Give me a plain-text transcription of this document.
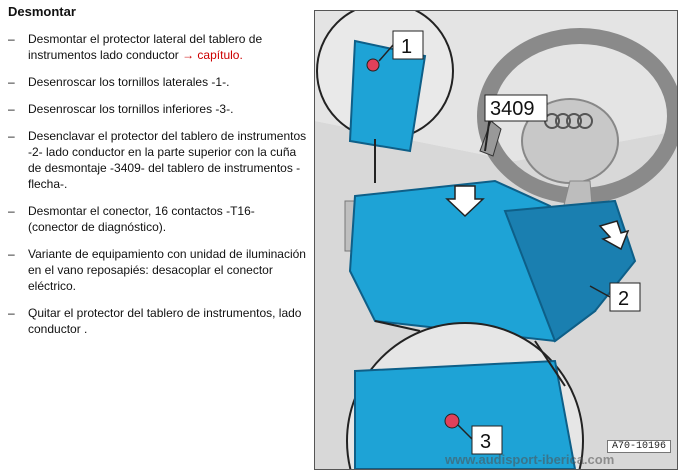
Desmontar
– Desmontar el protector lateral del tablero de instrumentos lado conductor → capítulo.
– Desenroscar los tornillos laterales -1-.
– Desenroscar los tornillos inferiores -3-.
– Desenclavar el protector del tablero de instrumentos -2- lado conductor en la parte superior con la cuña de desmontaje -3409- del tablero de instrumentos -flecha-.
– Desmontar el conector, 16 contactos -T16- (conector de diagnóstico).
– Variante de equipamiento con unidad de iluminación en el vano reposapiés: desacoplar el conector eléctrico.
– Quitar el protector del tablero de instrumentos, lado conductor .
1
3409
2
3	A70-10196
www.audisport-iberica.com
